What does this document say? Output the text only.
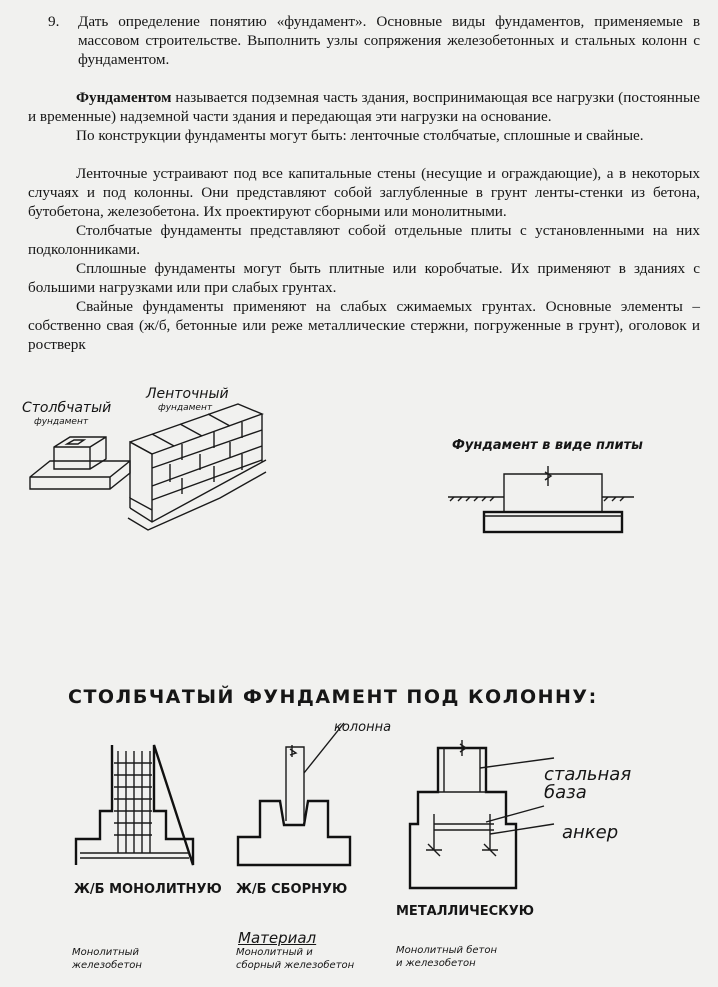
9. Дать определение понятию «фундамент». Основные виды фундаментов, применяемые в массовом строительстве. Выполнить узлы сопряжения железобетонных и стальных колонн с фундаментом.
Фундаментом называется подземная часть здания, воспринимающая все нагрузки (постоянные и временные) надземной части здания и передающая эти нагрузки на основание.
По конструкции фундаменты могут быть: ленточные столбчатые, сплошные и свайные.
Ленточные устраивают под все капитальные стены (несущие и ограждающие), а в некоторых случаях и под колонны. Они представляют собой заглубленные в грунт ленты-стенки из бетона, бутобетона, железобетона. Их проектируют сборными или монолитными.
Столбчатые фундаменты представляют собой отдельные плиты с установленными на них подколонниками.
Сплошные фундаменты могут быть плитные или коробчатые. Их применяют в зданиях с большими нагрузками или при слабых грунтах.
Свайные фундаменты применяют на слабых сжимаемых грунтах. Основные элементы – собственно свая (ж/б, бетонные или реже металлические стержни, погруженные в грунт), оголовок и ростверк
Столбчатый
фундамент
Ленточный
фундамент
Фундамент в виде плиты
СТОЛБЧАТЫЙ ФУНДАМЕНТ ПОД КОЛОННУ:
колонна
стальная база
анкер
Ж/Б МОНОЛИТНУЮ Ж/Б СБОРНУЮ
МЕТАЛЛИЧЕСКУЮ
Материал
Монолитный железобетон
Монолитный и сборный железобетон
Монолитный бетон и железобетон
